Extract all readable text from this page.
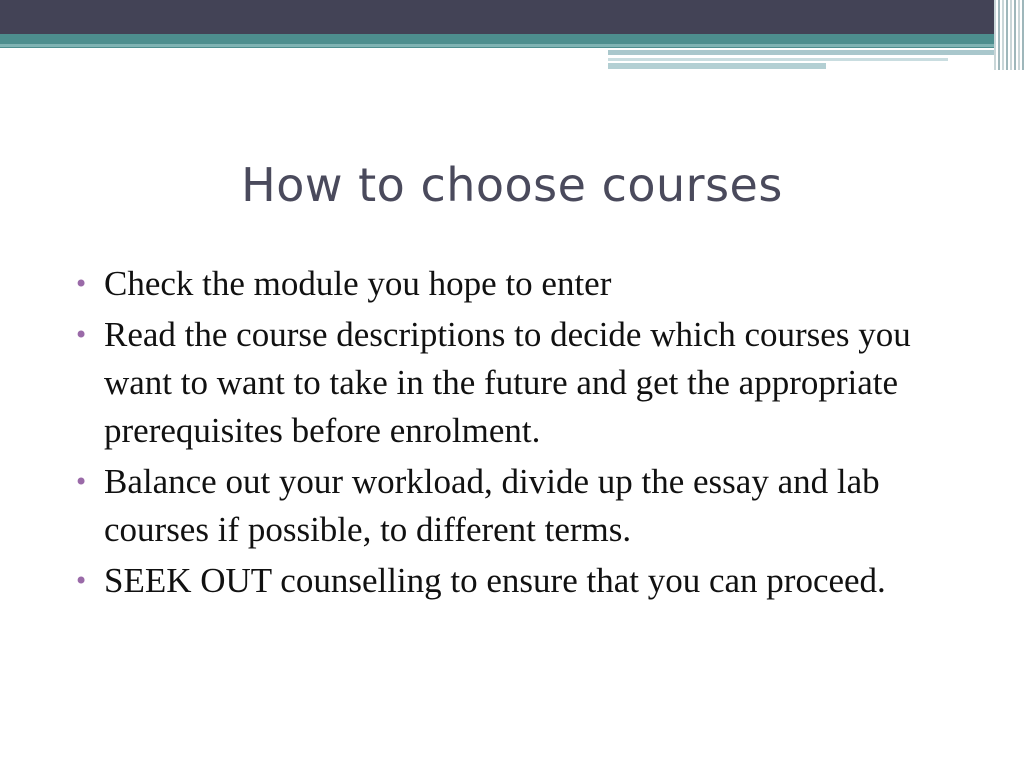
How to choose courses
• Check the module you hope to enter
• Read the course descriptions to decide which courses you want to want to take in the future and get the appropriate prerequisites before enrolment.
• Balance out your workload, divide up the essay and lab courses if possible, to different terms.
• SEEK OUT counselling to ensure that you can proceed.
